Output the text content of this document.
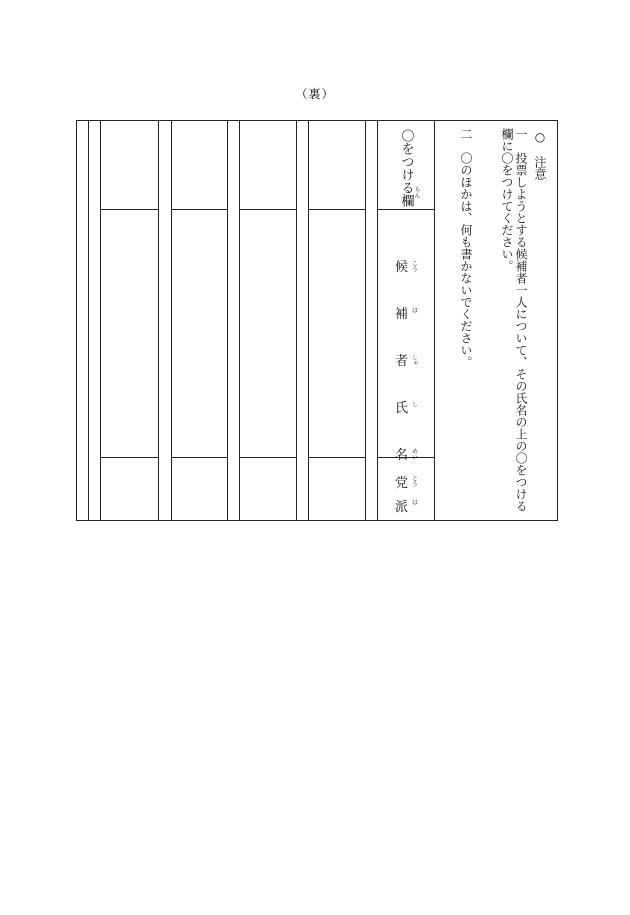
（裏）
〇をつける欄 らん
候 こう
補 ほ
者 しゃ
氏 し
名 めい
党 とう
派 は
○　注意
一　投票しようとする候補者一人について、その氏名の上の〇をつける欄に〇をつけてください。
二　〇のほかは、何も書かないでください。
